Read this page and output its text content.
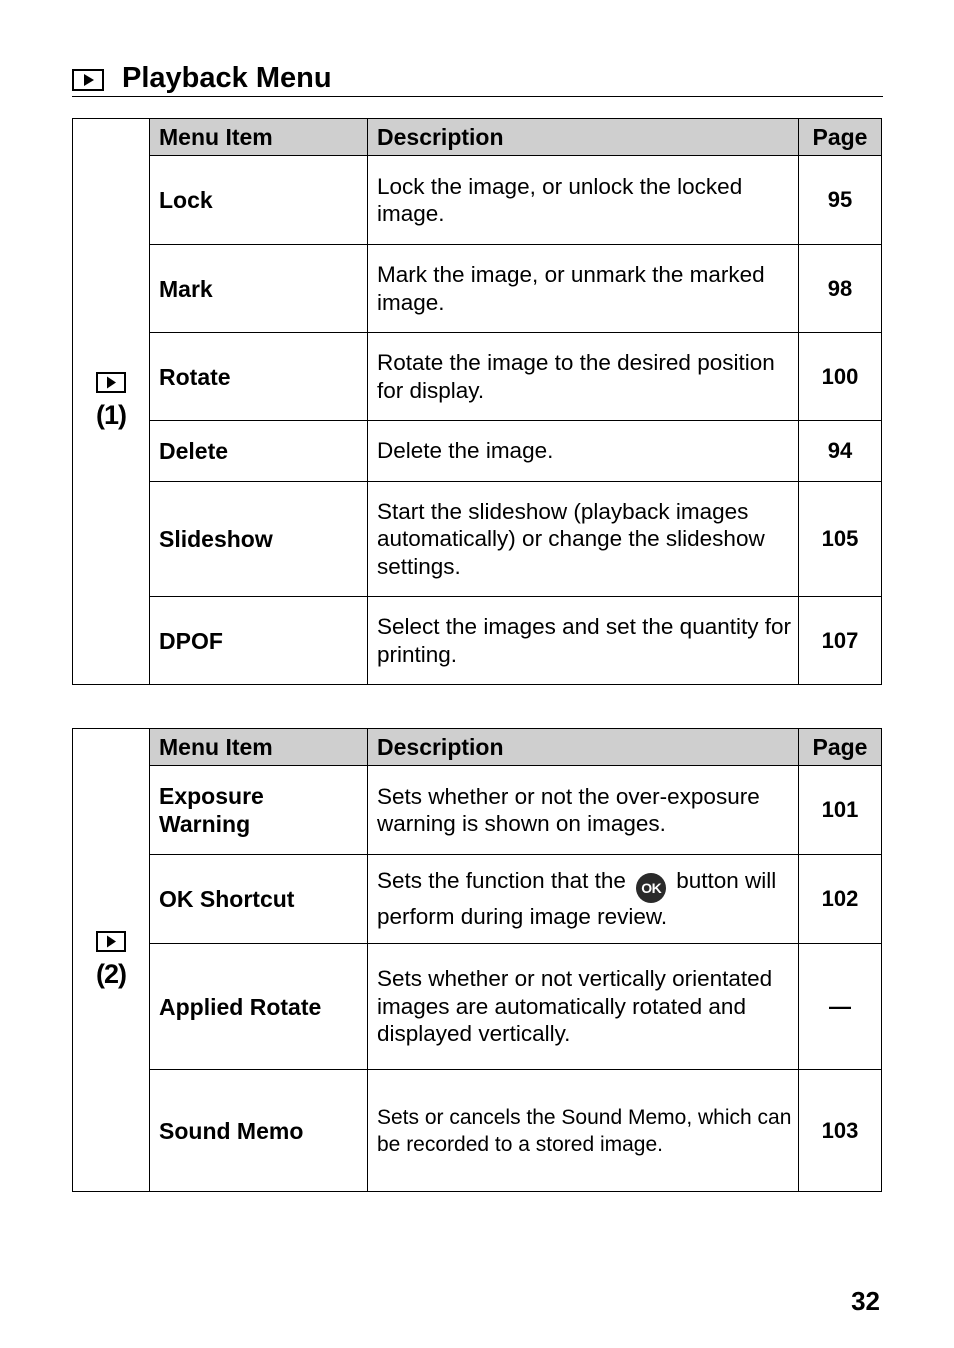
Playback Menu
(1)	Menu Item	Description	Page

	Lock	Lock the image, or unlock the locked image.	95
	Mark	Mark the image, or unmark the marked image.	98
	Rotate	Rotate the image to the desired position for display.	100
	Delete	Delete the image.	94
	Slideshow	Start the slideshow (playback images automatically) or change the slideshow settings.	105
	DPOF	Select the images and set the quantity for printing.	107
(2)	Menu Item	Description	Page

	Exposure Warning	Sets whether or not the over-exposure warning is shown on images.	101
	OK Shortcut	Sets the function that the OK button will perform during image review.	102
	Applied Rotate	Sets whether or not vertically orientated images are automatically rotated and displayed vertically.	—
	Sound Memo	Sets or cancels the Sound Memo, which can be recorded to a stored image.	103
32
